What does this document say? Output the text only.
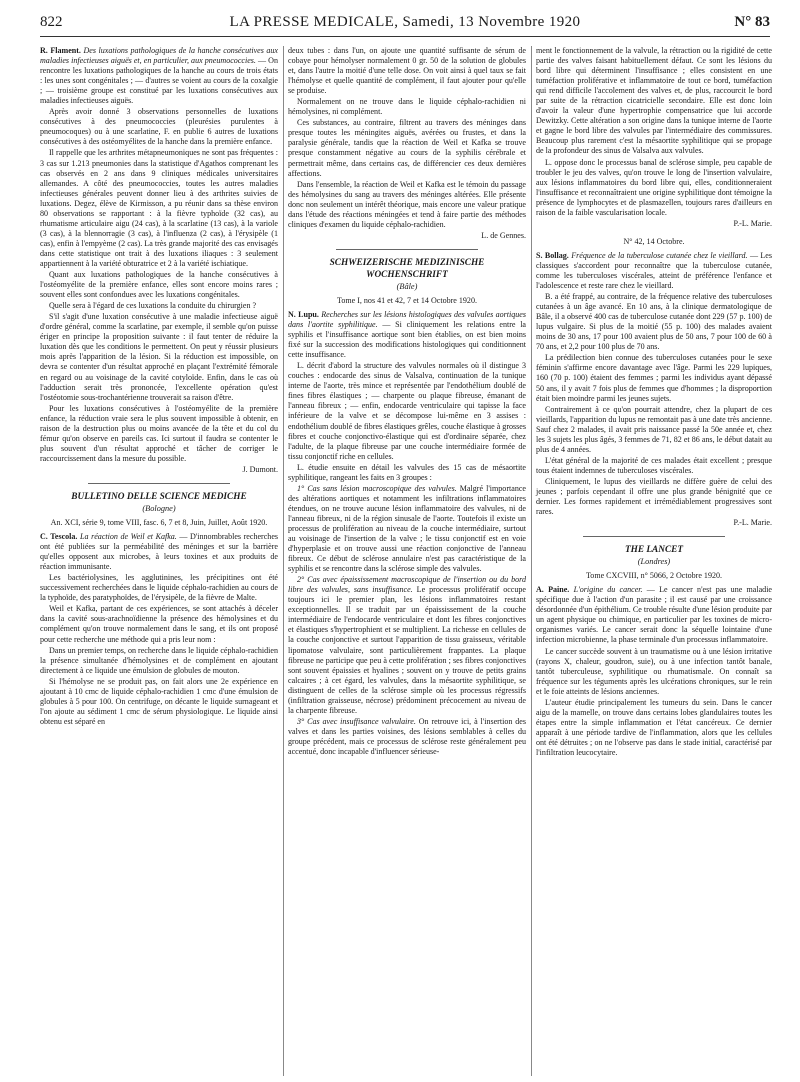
822	LA PRESSE MEDICALE, Samedi, 13 Novembre 1920	N° 83

R. Flament. Des luxations pathologiques de la hanche consécutives aux maladies infectieuses aiguës et, en particulier, aux pneumococcies. — On rencontre les luxations pathologiques de la hanche au cours de trois états : les unes sont congénitales ; — d'autres se voient au cours de la coxalgie ; — troisième groupe est constitué par les luxations consécutives aux maladies infectieuses aiguës.

Après avoir donné 3 observations personnelles de luxations consécutives à des pneumococcies (pleurésies purulentes à pneumocoques) ou à une scarlatine, F. en publie 6 autres de luxations consécutives à des ostéomyélites de la hanche dans la première enfance.

Il rappelle que les arthrites métapneumoniques ne sont pas fréquentes : 3 cas sur 1.213 pneumonies dans la statistique d'Agathos comprenant les cas observés en 2 ans dans 9 cliniques médicales universitaires allemandes. A côté des pneumococcies, toutes les autres maladies infectieuses générales peuvent donner lieu à des arthrites suivies de luxations. Degez, élève de Kirmisson, a pu réunir dans sa thèse environ 80 observations se rapportant : à la fièvre typhoïde (32 cas), au rhumatisme articulaire aigu (24 cas), à la scarlatine (13 cas), à la variole (3 cas), à la blennorragie (3 cas), à l'influenza (2 cas), à l'érysipèle (1 cas), enfin à l'empyème (2 cas). La très grande majorité des cas envisagés dans cette statistique ont trait à des luxations iliaques : 3 seulement appartiennent à la variété obturatrice et 2 à la variété ischiatique.

Quant aux luxations pathologiques de la hanche consécutives à l'ostéomyélite de la première enfance, elles sont encore moins rares ; souvent elles sont confondues avec les luxations congénitales.

Quelle sera à l'égard de ces luxations la conduite du chirurgien ?

S'il s'agit d'une luxation consécutive à une maladie infectieuse aiguë d'ordre général, comme la scarlatine, par exemple, il semble qu'on puisse ériger en principe la proposition suivante : il faut tenter de réduire la luxation dès que les conditions le permettent. On peut y réussir plusieurs mois après l'apparition de la lésion. Si la réduction est impossible, on devra se contenter d'un résultat approché en plaçant l'extrémité fémorale en regard ou au voisinage de la cavité cotyloïde. Enfin, dans le cas où l'adduction serait très prononcée, l'excellente opération qu'est l'ostéotomie sous-trochantérienne trouverait sa raison d'être.

Pour les luxations consécutives à l'ostéomyélite de la première enfance, la réduction vraie sera le plus souvent impossible à obtenir, en raison de la destruction plus ou moins avancée de la tête et du col du fémur qu'on observe en pareils cas. Ici surtout il faudra se contenter le plus souvent d'un résultat approché et tâcher de corriger le raccourcissement dans la mesure du possible.

J. Dumont.

BULLETINO DELLE SCIENCE MEDICHE

(Bologne)

An. XCI, série 9, tome VIII, fasc. 6, 7 et 8, Juin, Juillet, Août 1920.

C. Tescola. La réaction de Weil et Kafka. — D'innombrables recherches ont été publiées sur la perméabilité des méninges et sur la barrière qu'elles opposent aux microbes, à leurs toxines et aux produits de réaction immunisante.

Les bactériolysines, les agglutinines, les précipitines ont été successivement recherchées dans le liquide céphalo-rachidien au cours de la typhoïde, des paratyphoïdes, de l'érysipèle, de la fièvre de Malte.

Weil et Kafka, partant de ces expériences, se sont attachés à déceler dans la cavité sous-arachnoïdienne la présence des hémolysines et du complément qu'on trouve normalement dans le sang, et ils ont proposé pour cette recherche une méthode qui a pris leur nom :

Dans un premier temps, on recherche dans le liquide céphalo-rachidien la présence simultanée d'hémolysines et de complément en ajoutant directement à ce liquide une émulsion de globules de mouton.

Si l'hémolyse ne se produit pas, on fait alors une 2e expérience en ajoutant à 10 cmc de liquide céphalo-rachidien 1 cmc d'une émulsion de globules à 5 pour 100. On centrifuge, on décante le liquide surnageant et l'on ajoute au sédiment 1 cmc de sérum physiologique. Le liquide ainsi obtenu est séparé en

deux tubes : dans l'un, on ajoute une quantité suffisante de sérum de cobaye pour hémolyser normalement 0 gr. 50 de la solution de globules et, dans l'autre la moitié d'une telle dose. On voit ainsi à quel taux se fait l'hémolyse et quelle quantité de complément, il faut ajouter pour qu'elle se produise.

Normalement on ne trouve dans le liquide céphalo-rachidien ni hémolysines, ni complément.

Ces substances, au contraire, filtrent au travers des méninges dans presque toutes les méningites aiguës, avérées ou frustes, et dans la paralysie générale, tandis que la réaction de Weil et Kafka se trouve presque constamment négative au cours de la syphilis cérébrale et permettrait même, dans certains cas, de différencier ces deux dernières affections.

Dans l'ensemble, la réaction de Weil et Kafka est le témoin du passage des hémolysines du sang au travers des méninges altérées. Elle présente donc non seulement un intérêt théorique, mais encore une valeur pratique dans l'étude des réactions méningées et tend à faire partie des méthodes cliniques d'examen du liquide céphalo-rachidien.

L. de Gennes.

SCHWEIZERISCHE MEDIZINISCHE WOCHENSCHRIFT

(Bâle)

Tome I, nos 41 et 42, 7 et 14 Octobre 1920.

N. Lupu. Recherches sur les lésions histologiques des valvules aortiques dans l'aortite syphilitique. — Si cliniquement les relations entre la syphilis et l'insuffisance aortique sont bien établies, on est bien moins fixé sur la succession des modifications histologiques qui conditionnent cette insuffisance.

L. décrit d'abord la structure des valvules normales où il distingue 3 couches : endocarde des sinus de Valsalva, continuation de la tunique interne de l'aorte, très mince et représentée par l'endothélium doublé de fines fibres élastiques ; — charpente ou plaque fibreuse, émanant de l'anneau fibreux ; — enfin, endocarde ventriculaire qui tapisse la face inférieure de la valve et se décompose lui-même en 3 assises : endothélium doublé de fibres élastiques grêles, couche élastique à grosses fibres et couche conjonctivo-élastique qui est d'ordinaire séparée, chez l'adulte, de la plaque fibreuse par une couche intermédiaire formée de tissu conjonctif riche en cellules.

L. étudie ensuite en détail les valvules des 15 cas de mésaortite syphilitique, rangeant les faits en 3 groupes :

1° Cas sans lésion macroscopique des valvules. Malgré l'importance des altérations aortiques et notamment les infiltrations inflammatoires étendues, on ne trouve aucune lésion inflammatoire des valvules, ni de l'anneau fibreux, ni de la région sinusale de l'aorte. Toutefois il existe un processus de prolifération au niveau de la couche intermédiaire, surtout au voisinage de l'insertion de la valve ; le tissu conjonctif est en voie d'hyperplasie et on trouve aussi une réaction conjonctive de l'anneau fibreux. Ce début de sclérose annulaire n'est pas caractéristique de la syphilis et se rencontre dans la sclérose simple des valvules.

2° Cas avec épaississement macroscopique de l'insertion ou du bord libre des valvules, sans insuffisance. Le processus prolifératif occupe toujours ici le premier plan, les lésions inflammatoires restant exceptionnelles. Il se traduit par un épaississement de la couche intermédiaire de l'endocarde ventriculaire et dont les fibres conjonctives et élastiques s'hypertrophient et se multiplient. La richesse en cellules de la couche conjonctive et surtout l'apparition de tissu graisseux, véritable lipomatose valvulaire, sont particulièrement frappantes. La plaque fibreuse ne participe que peu à cette prolifération ; ses fibres conjonctives sont souvent épaissies et hyalines ; souvent on y trouve de petits grains calcaires ; à cet égard, les valvules, dans la mésaortite syphilitique, se distinguent de celles de la sclérose simple où les processus régressifs (infiltration graisseuse, nécrose) prédominent précocement au niveau de la charpente fibreuse.

3° Cas avec insuffisance valvulaire. On retrouve ici, à l'insertion des valves et dans les parties voisines, des lésions semblables à celles du groupe précédent, mais ce processus de sclérose reste généralement peu accentué, donc incapable d'influencer sérieuse-

ment le fonctionnement de la valvule, la rétraction ou la rigidité de cette partie des valves faisant habituellement défaut. Ce sont les lésions du bord libre qui déterminent l'insuffisance ; elles consistent en une tuméfaction proliférative et inflammatoire de tout ce bord, tuméfaction qui rend difficile l'accolement des valves et, de plus, raccourcit le bord par suite de la rétraction cicatricielle secondaire. Elle est donc loin d'avoir la valeur d'une hypertrophie compensatrice que lui accorde Dewitzky. Cette altération a son origine dans la tunique interne de l'aorte et gagne le bord libre des valvules par l'intermédiaire des commissures. Beaucoup plus rarement c'est la mésaortite syphilitique qui se propage de la profondeur des sinus de Valsalva aux valvules.

L. oppose donc le processus banal de sclérose simple, peu capable de troubler le jeu des valves, qu'on trouve le long de l'insertion valvulaire, aux lésions inflammatoires du bord libre qui, elles, conditionneraient l'insuffisance et reconnaîtraient une origine syphilitique dont témoigne la présence de lymphocytes et de plasmazellen, toujours rares d'ailleurs en raison de la faible vascularisation locale.

P.-L. Marie.

N° 42, 14 Octobre.

S. Bollag. Fréquence de la tuberculose cutanée chez le vieillard. — Les classiques s'accordent pour reconnaître que la tuberculose cutanée, comme les tuberculoses viscérales, atteint de préférence l'enfance et l'adolescence et reste rare chez le vieillard.

B. a été frappé, au contraire, de la fréquence relative des tuberculoses cutanées à un âge avancé. En 10 ans, à la clinique dermatologique de Bâle, il a observé 400 cas de tuberculose cutanée dont 229 (57 p. 100) de lupus vulgaire. Si plus de la moitié (55 p. 100) des malades avaient moins de 30 ans, 17 pour 100 avaient plus de 50 ans, 7 pour 100 de 60 à 70 ans, et 2,2 pour 100 plus de 70 ans.

La prédilection bien connue des tuberculoses cutanées pour le sexe féminin s'affirme encore davantage avec l'âge. Parmi les 229 lupiques, 160 (70 p. 100) étaient des femmes ; parmi les individus ayant dépassé 50 ans, il y avait 7 fois plus de femmes que d'hommes ; la disproportion était bien moindre parmi les jeunes sujets.

Contrairement à ce qu'on pourrait attendre, chez la plupart de ces vieillards, l'apparition du lupus ne remontait pas à une date très ancienne. Sauf chez 2 malades, il avait pris naissance passé la 50e année et, chez les 3 sujets les plus âgés, 3 femmes de 71, 82 et 86 ans, le début datait au plus de 4 années.

L'état général de la majorité de ces malades était excellent ; presque tous étaient indemnes de tuberculoses viscérales.

Cliniquement, le lupus des vieillards ne diffère guère de celui des jeunes ; parfois cependant il offre une plus grande bénignité que ce dernier. Les formes rapidement et irrémédiablement progressives sont rares.

P.-L. Marie.

THE LANCET

(Londres)

Tome CXCVIII, n° 5066, 2 Octobre 1920.

A. Paine. L'origine du cancer. — Le cancer n'est pas une maladie spécifique due à l'action d'un parasite ; il est causé par une croissance désordonnée d'un épithélium. Ce trouble résulte d'une lésion produite par un agent physique ou chimique, en particulier par les toxines de micro-organismes variés. Le cancer serait donc la séquelle lointaine d'une infection microbienne, la phase terminale d'un processus inflammatoire.

Le cancer succède souvent à un traumatisme ou à une lésion irritative (rayons X, chaleur, goudron, suie), ou à une infection tantôt banale, tantôt tuberculeuse, syphilitique ou rhumatismale. On connaît sa fréquence sur les téguments après les ulcérations chroniques, sur le rein et le foie atteints de lésions anciennes.

L'auteur étudie principalement les tumeurs du sein. Dans le cancer aigu de la mamelle, on trouve dans certains lobes glandulaires toutes les étapes entre la simple inflammation et l'état cancéreux. Ce dernier apparaît à une période tardive de l'inflammation, alors que les cellules ont été détruites ; on ne l'observe pas dans le stade initial, caractérisé par l'infiltration leucocytaire.
